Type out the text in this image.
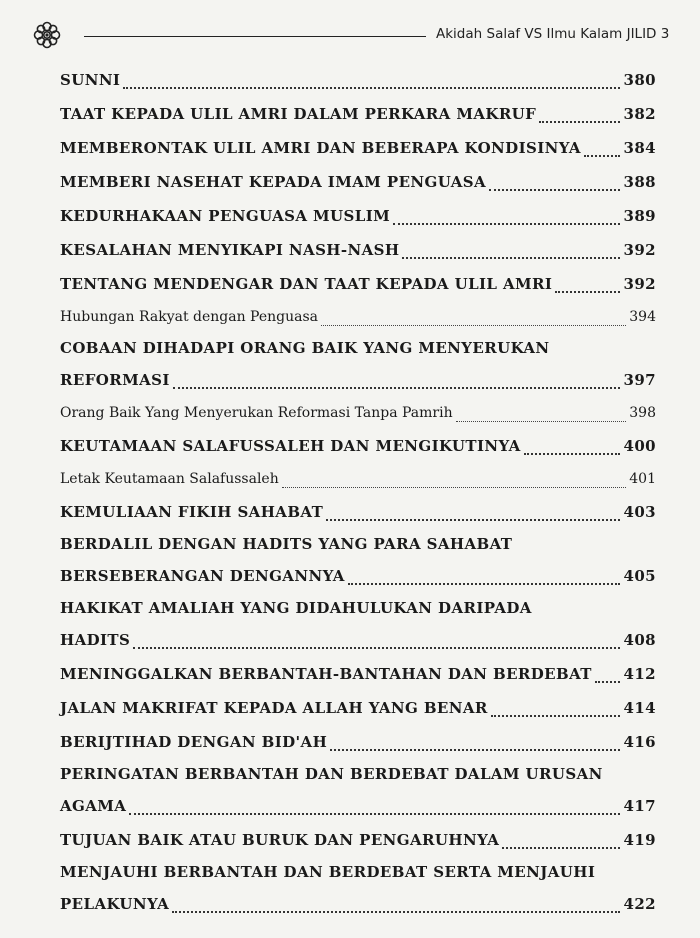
Akidah Salaf VS Ilmu Kalam JILID 3
SUNNI	380
TAAT KEPADA ULIL AMRI DALAM PERKARA MAKRUF	382
MEMBERONTAK ULIL AMRI DAN BEBERAPA KONDISINYA	384
MEMBERI NASEHAT KEPADA IMAM PENGUASA	388
KEDURHAKAAN PENGUASA MUSLIM	389
KESALAHAN MENYIKAPI NASH-NASH	392
TENTANG MENDENGAR DAN TAAT KEPADA ULIL AMRI	392
Hubungan Rakyat dengan Penguasa	394
COBAAN DIHADAPI ORANG BAIK YANG MENYERUKAN
REFORMASI	397
Orang Baik Yang Menyerukan Reformasi Tanpa Pamrih	398
KEUTAMAAN SALAFUSSALEH DAN MENGIKUTINYA	400
Letak Keutamaan Salafussaleh	401
KEMULIAAN FIKIH SAHABAT	403
BERDALIL DENGAN HADITS YANG PARA SAHABAT
BERSEBERANGAN DENGANNYA	405
HAKIKAT AMALIAH YANG DIDAHULUKAN DARIPADA
HADITS	408
MENINGGALKAN BERBANTAH-BANTAHAN DAN BERDEBAT 412
JALAN MAKRIFAT KEPADA ALLAH YANG BENAR	414
BERIJTIHAD DENGAN BID'AH	416
PERINGATAN BERBANTAH DAN BERDEBAT DALAM URUSAN
AGAMA	417
TUJUAN BAIK ATAU BURUK DAN PENGARUHNYA	419
MENJAUHI BERBANTAH DAN BERDEBAT SERTA MENJAUHI
PELAKUNYA	422
